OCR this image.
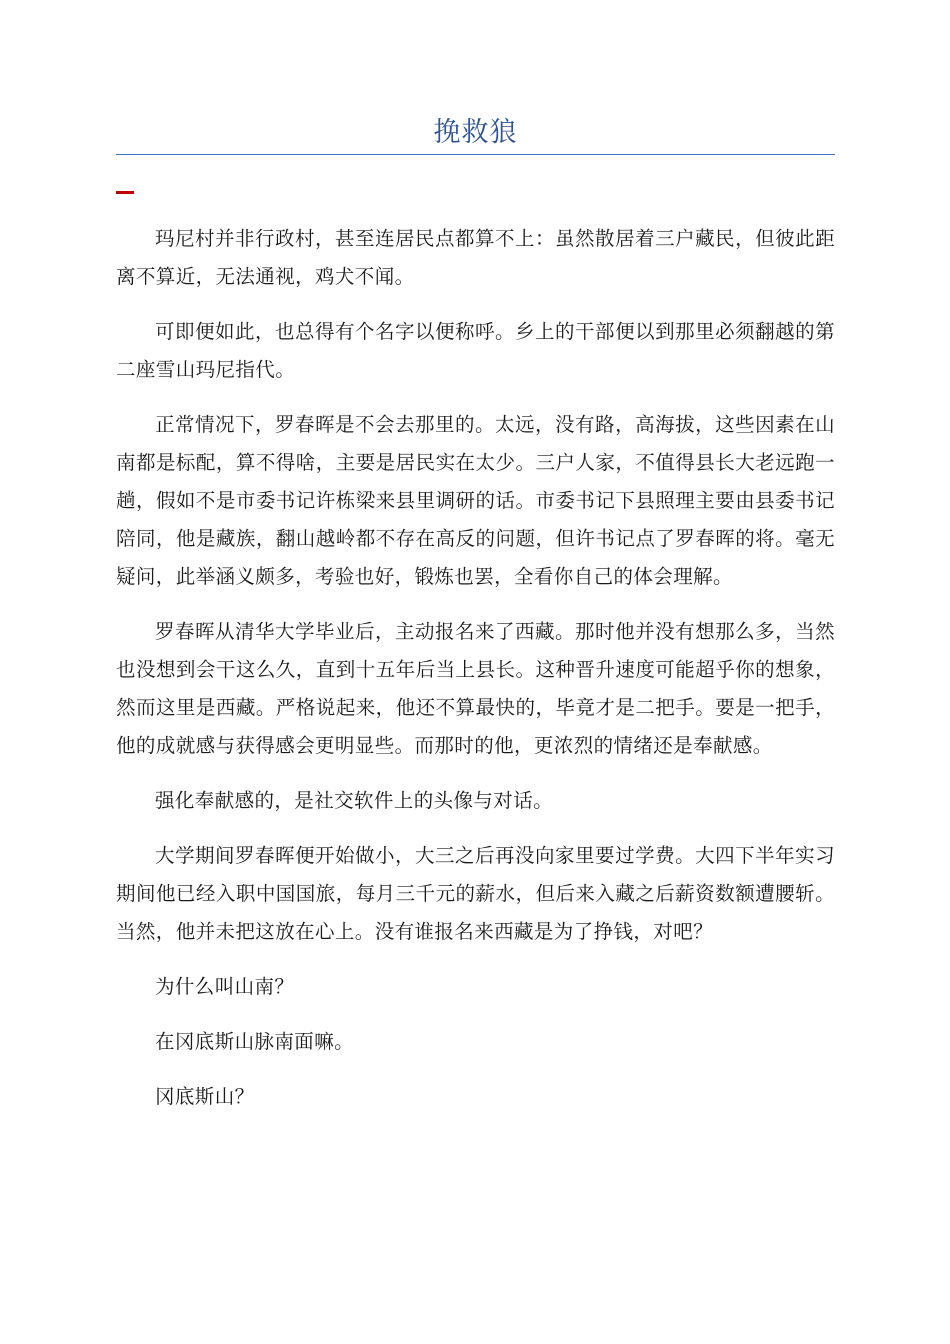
挽救狼

玛尼村并非行政村，甚至连居民点都算不上：虽然散居着三户藏民，但彼此距离不算近，无法通视，鸡犬不闻。

可即便如此，也总得有个名字以便称呼。乡上的干部便以到那里必须翻越的第二座雪山玛尼指代。

正常情况下，罗春晖是不会去那里的。太远，没有路，高海拔，这些因素在山南都是标配，算不得啥，主要是居民实在太少。三户人家，不值得县长大老远跑一趟，假如不是市委书记许栋梁来县里调研的话。市委书记下县照理主要由县委书记陪同，他是藏族，翻山越岭都不存在高反的问题，但许书记点了罗春晖的将。毫无疑问，此举涵义颇多，考验也好，锻炼也罢，全看你自己的体会理解。

罗春晖从清华大学毕业后，主动报名来了西藏。那时他并没有想那么多，当然也没想到会干这么久，直到十五年后当上县长。这种晋升速度可能超乎你的想象，然而这里是西藏。严格说起来，他还不算最快的，毕竟才是二把手。要是一把手，他的成就感与获得感会更明显些。而那时的他，更浓烈的情绪还是奉献感。

强化奉献感的，是社交软件上的头像与对话。

大学期间罗春晖便开始做小，大三之后再没向家里要过学费。大四下半年实习期间他已经入职中国国旅，每月三千元的薪水，但后来入藏之后薪资数额遭腰斩。当然，他并未把这放在心上。没有谁报名来西藏是为了挣钱，对吧？

为什么叫山南？

在冈底斯山脉南面嘛。

冈底斯山？
